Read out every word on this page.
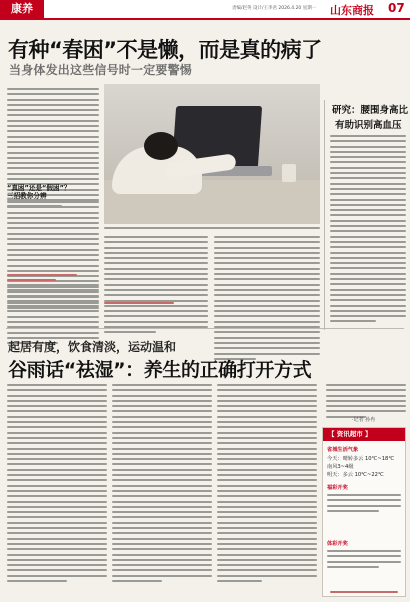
康养	责编/赵英 设计/王李君 2026.4.20 星期一 山东商报 07
有种“春困”不是懒，而是真的病了
当身体发出这些信号时一定要警惕
“真困”还是“假困”？
三招教你分辨
研究：腰围身高比
有助识别高血压
起居有度，饮食清淡，运动温和
谷雨话“祛湿”：养生的正确打开方式
·记者 孙冉
【 资讯超市 】
省城生活气象
今天：晴转多云 10℃~18℃
南风3~4级
明天：多云 10℃~22℃
福彩开奖
体彩开奖
